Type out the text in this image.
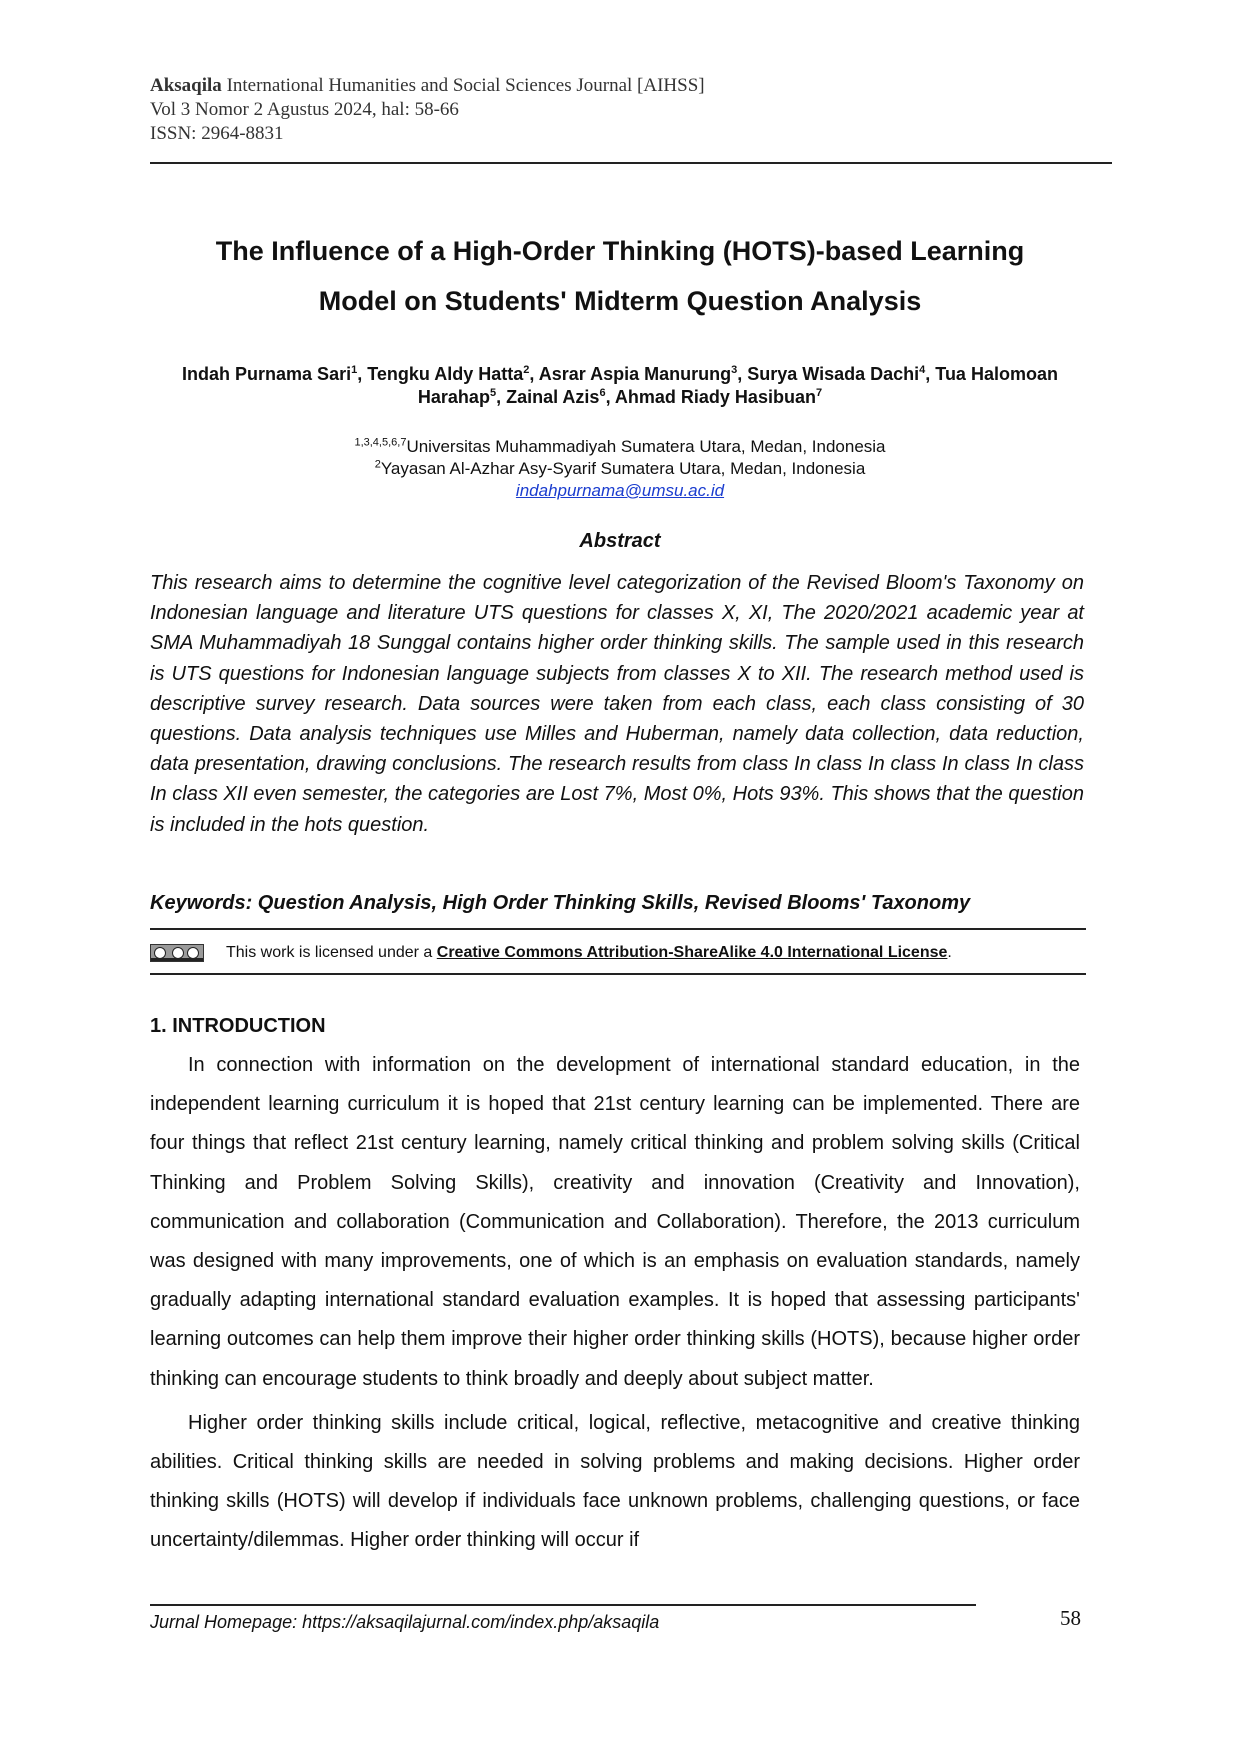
Aksaqila International Humanities and Social Sciences Journal [AIHSS]
Vol 3 Nomor 2 Agustus 2024, hal: 58-66
ISSN: 2964-8831
The Influence of a High-Order Thinking (HOTS)-based Learning
Model on Students' Midterm Question Analysis
Indah Purnama Sari$^1$, Tengku Aldy Hatta$^2$, Asrar Aspia Manurung$^3$, Surya Wisada Dachi$^4$, Tua Halomoan Harahap$^5$, Zainal Azis$^6$, Ahmad Riady Hasibuan$^7$
$^{1,3,4,5,6,7}$Universitas Muhammadiyah Sumatera Utara, Medan, Indonesia
$^2$Yayasan Al-Azhar Asy-Syarif Sumatera Utara, Medan, Indonesia
indahpurnama@umsu.ac.id
Abstract
This research aims to determine the cognitive level categorization of the Revised Bloom's Taxonomy on Indonesian language and literature UTS questions for classes X, XI, The 2020/2021 academic year at SMA Muhammadiyah 18 Sunggal contains higher order thinking skills. The sample used in this research is UTS questions for Indonesian language subjects from classes X to XII. The research method used is descriptive survey research. Data sources were taken from each class, each class consisting of 30 questions. Data analysis techniques use Milles and Huberman, namely data collection, data reduction, data presentation, drawing conclusions. The research results from class In class In class In class In class In class XII even semester, the categories are Lost 7%, Most 0%, Hots 93%. This shows that the question is included in the hots question.
Keywords: Question Analysis, High Order Thinking Skills, Revised Blooms' Taxonomy
This work is licensed under a Creative Commons Attribution-ShareAlike 4.0 International License.
1. INTRODUCTION

In connection with information on the development of international standard education, in the independent learning curriculum it is hoped that 21st century learning can be implemented. There are four things that reflect 21st century learning, namely critical thinking and problem solving skills (Critical Thinking and Problem Solving Skills), creativity and innovation (Creativity and Innovation), communication and collaboration (Communication and Collaboration). Therefore, the 2013 curriculum was designed with many improvements, one of which is an emphasis on evaluation standards, namely gradually adapting international standard evaluation examples. It is hoped that assessing participants' learning outcomes can help them improve their higher order thinking skills (HOTS), because higher order thinking can encourage students to think broadly and deeply about subject matter.

Higher order thinking skills include critical, logical, reflective, metacognitive and creative thinking abilities. Critical thinking skills are needed in solving problems and making decisions. Higher order thinking skills (HOTS) will develop if individuals face unknown problems, challenging questions, or face uncertainty/dilemmas. Higher order thinking will occur if

Jurnal Homepage: https://aksaqilajurnal.com/index.php/aksaqila	58
